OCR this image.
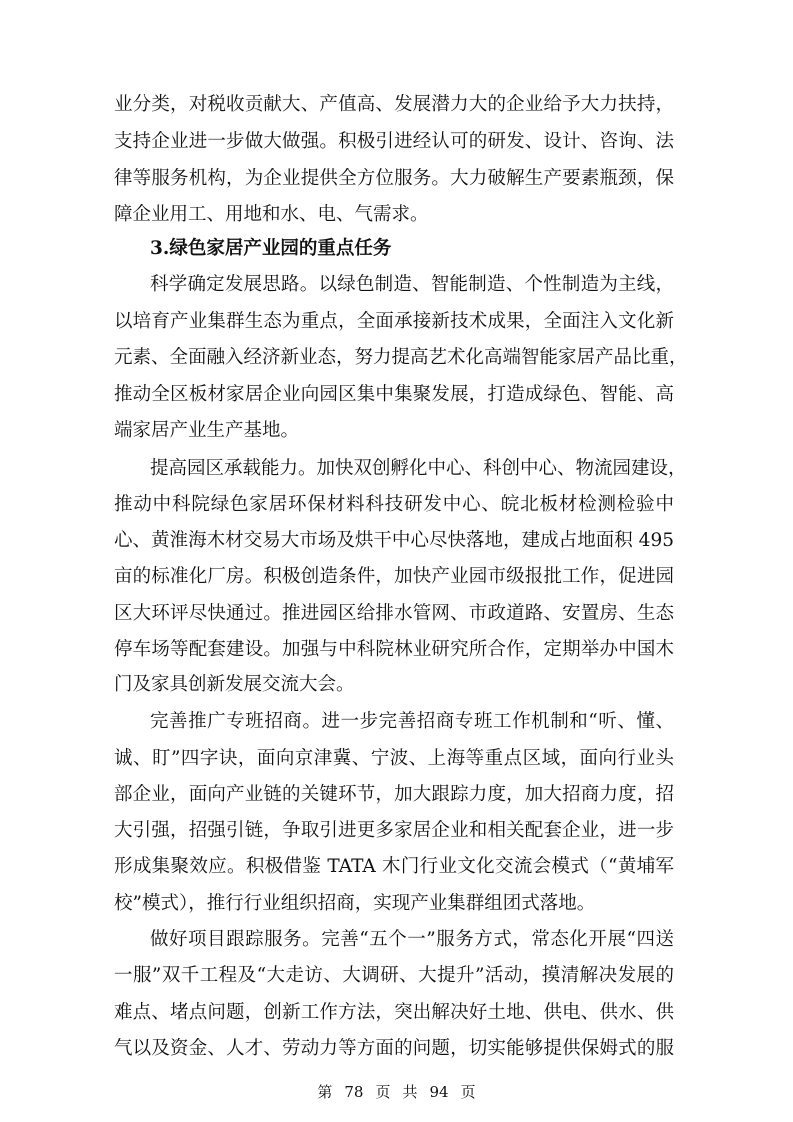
业分类，对税收贡献大、产值高、发展潜力大的企业给予大力扶持，
支持企业进一步做大做强。积极引进经认可的研发、设计、咨询、法
律等服务机构，为企业提供全方位服务。大力破解生产要素瓶颈，保
障企业用工、用地和水、电、气需求。
3.绿色家居产业园的重点任务
科学确定发展思路。以绿色制造、智能制造、个性制造为主线，
以培育产业集群生态为重点，全面承接新技术成果，全面注入文化新
元素、全面融入经济新业态，努力提高艺术化高端智能家居产品比重，
推动全区板材家居企业向园区集中集聚发展，打造成绿色、智能、高
端家居产业生产基地。
提高园区承载能力。加快双创孵化中心、科创中心、物流园建设，
推动中科院绿色家居环保材料科技研发中心、皖北板材检测检验中
心、黄淮海木材交易大市场及烘干中心尽快落地，建成占地面积 495
亩的标准化厂房。积极创造条件，加快产业园市级报批工作，促进园
区大环评尽快通过。推进园区给排水管网、市政道路、安置房、生态
停车场等配套建设。加强与中科院林业研究所合作，定期举办中国木
门及家具创新发展交流大会。
完善推广专班招商。进一步完善招商专班工作机制和“听、懂、
诚、盯”四字诀，面向京津冀、宁波、上海等重点区域，面向行业头
部企业，面向产业链的关键环节，加大跟踪力度，加大招商力度，招
大引强，招强引链，争取引进更多家居企业和相关配套企业，进一步
形成集聚效应。积极借鉴 TATA 木门行业文化交流会模式（“黄埔军
校”模式），推行行业组织招商，实现产业集群组团式落地。
做好项目跟踪服务。完善“五个一”服务方式，常态化开展“四送
一服”双千工程及“大走访、大调研、大提升”活动，摸清解决发展的
难点、堵点问题，创新工作方法，突出解决好土地、供电、供水、供
第 78 页 共 94 页
气以及资金、人才、劳动力等方面的问题，切实能够提供保姆式的服
